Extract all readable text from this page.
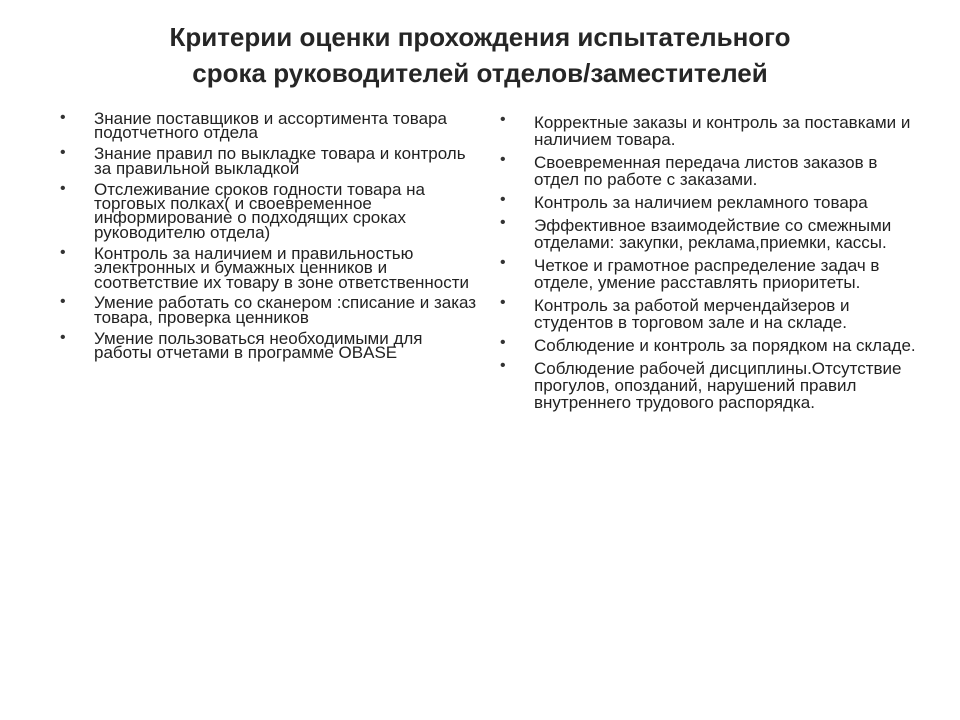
Критерии оценки прохождения испытательного
срока руководителей отделов/заместителей
• Знание поставщиков и ассортимента товара подотчетного отдела
• Знание правил по выкладке товара и контроль за правильной выкладкой
• Отслеживание сроков годности товара на торговых полках( и своевременное информирование о подходящих сроках руководителю отдела)
• Контроль за наличием и правильностью электронных и бумажных ценников и соответствие их товару в зоне ответственности
• Умение работать со сканером :списание и заказ товара, проверка ценников
• Умение пользоваться необходимыми для работы отчетами в программе OBASE
• Корректные заказы и контроль за поставками и наличием товара.
• Своевременная передача листов заказов в отдел по работе с заказами.
• Контроль за наличием рекламного товара
• Эффективное взаимодействие со смежными отделами: закупки, реклама,приемки, кассы.
• Четкое и грамотное распределение задач в отделе, умение расставлять приоритеты.
• Контроль за работой мерчендайзеров и студентов в торговом зале и на складе.
• Соблюдение и контроль за порядком на складе.
• Соблюдение рабочей дисциплины.Отсутствие прогулов, опозданий, нарушений правил внутреннего трудового распорядка.
